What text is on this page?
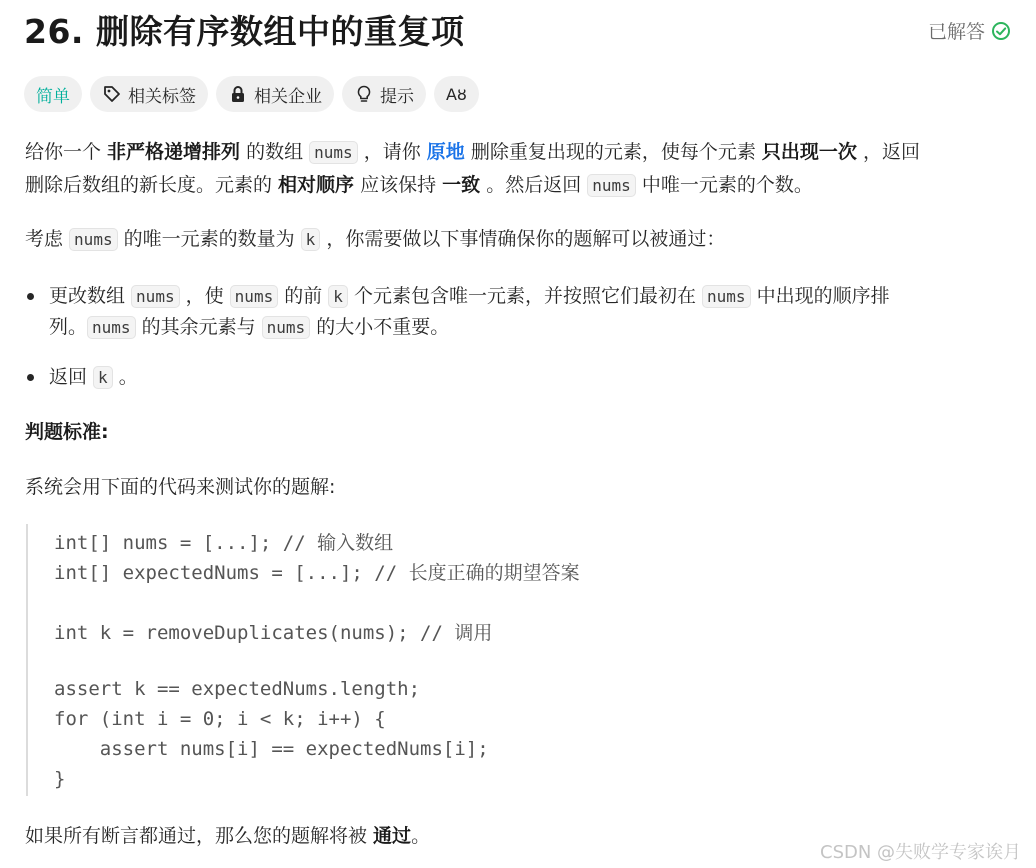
26. 删除有序数组中的重复项	已解答
简单	相关标签	相关企业	提示 Aȣ
给你一个 非严格递增排列 的数组 nums ，请你 原地 删除重复出现的元素，使每个元素 只出现一次 ，返回
删除后数组的新长度。元素的 相对顺序 应该保持 一致 。然后返回 nums 中唯一元素的个数。
考虑 nums 的唯一元素的数量为 k ，你需要做以下事情确保你的题解可以被通过：
更改数组 nums ，使 nums 的前 k 个元素包含唯一元素，并按照它们最初在 nums 中出现的顺序排
列。 nums 的其余元素与 nums 的大小不重要。
返回 k 。
判题标准:
系统会用下面的代码来测试你的题解:
int[] nums = [...]; // 输入数组
int[] expectedNums = [...]; // 长度正确的期望答案
int k = removeDuplicates(nums); // 调用
assert k == expectedNums.length;
for (int i = 0; i < k; i++) {
assert nums[i] == expectedNums[i];
}
如果所有断言都通过，那么您的题解将被 通过。
CSDN @失败学专家诶月
